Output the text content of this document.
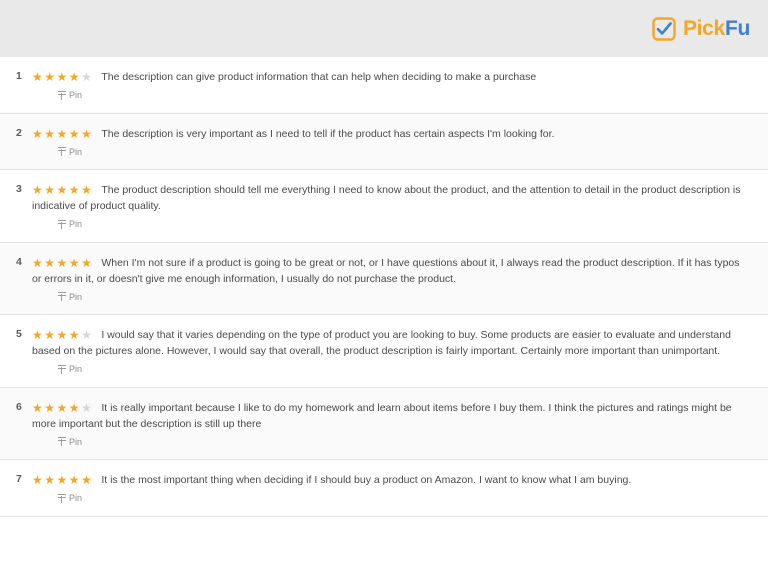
PickFu
1 ★★★★★ The description can give product information that can help when deciding to make a purchase
Pin
2 ★★★★★ The description is very important as I need to tell if the product has certain aspects I'm looking for.
Pin
3 ★★★★★ The product description should tell me everything I need to know about the product, and the attention to detail in the product description is indicative of product quality.
Pin
4 ★★★★★ When I'm not sure if a product is going to be great or not, or I have questions about it, I always read the product description. If it has typos or errors in it, or doesn't give me enough information, I usually do not purchase the product.
Pin
5 ★★★★★ I would say that it varies depending on the type of product you are looking to buy. Some products are easier to evaluate and understand based on the pictures alone. However, I would say that overall, the product description is fairly important. Certainly more important than unimportant.
Pin
6 ★★★★★ It is really important because I like to do my homework and learn about items before I buy them. I think the pictures and ratings might be more important but the description is still up there
Pin
7 ★★★★★ It is the most important thing when deciding if I should buy a product on Amazon. I want to know what I am buying.
Pin
